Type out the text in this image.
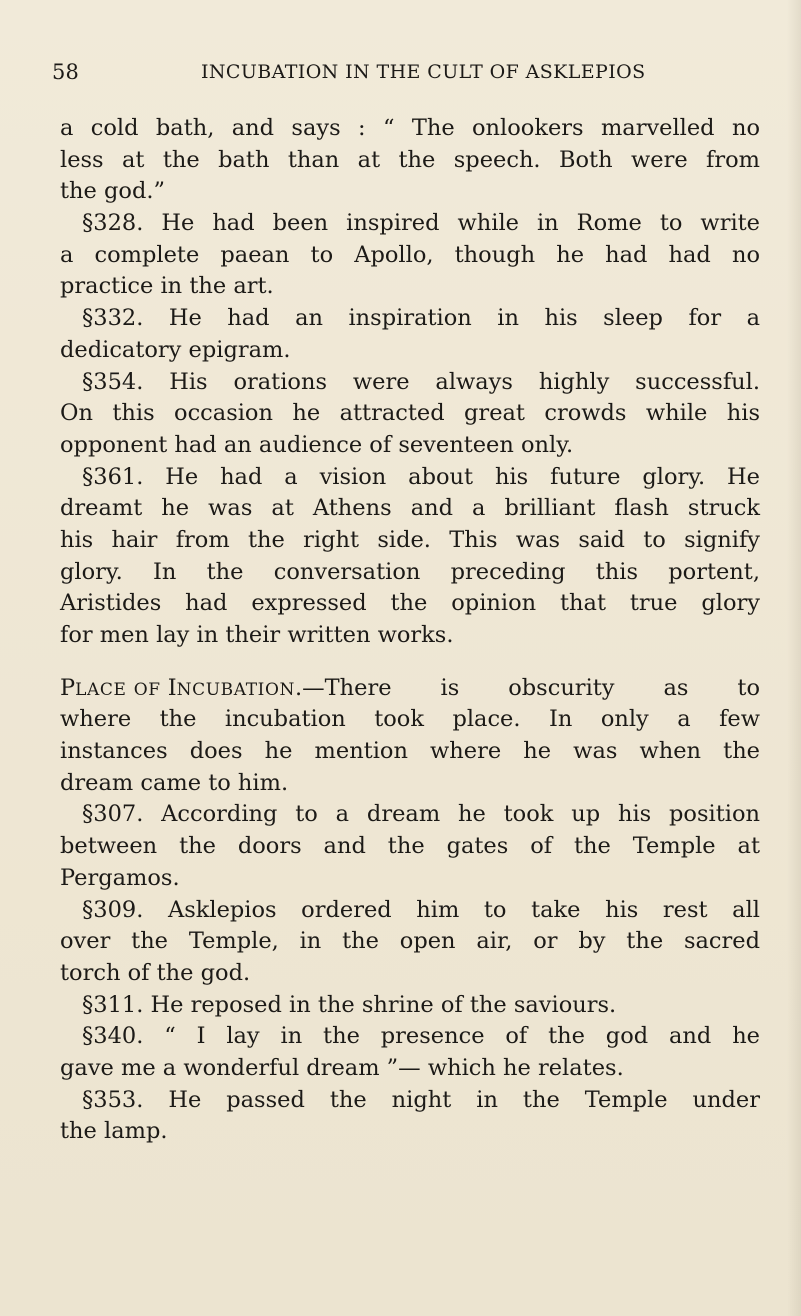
58	INCUBATION IN THE CULT OF ASKLEPIOS
a cold bath, and says : “ The onlookers marvelled no
less at the bath than at the speech. Both were from
the god.”
§328. He had been inspired while in Rome to write
a complete paean to Apollo, though he had had no
practice in the art.
§332. He had an inspiration in his sleep for a
dedicatory epigram.
§354. His orations were always highly successful.
On this occasion he attracted great crowds while his
opponent had an audience of seventeen only.
§361. He had a vision about his future glory. He
dreamt he was at Athens and a brilliant flash struck
his hair from the right side. This was said to signify
glory. In the conversation preceding this portent,
Aristides had expressed the opinion that true glory
for men lay in their written works.
PLACE OF INCUBATION. —There is obscurity as to
where the incubation took place. In only a few
instances does he mention where he was when the
dream came to him.
§307. According to a dream he took up his position
between the doors and the gates of the Temple at
Pergamos.
§309. Asklepios ordered him to take his rest all
over the Temple, in the open air, or by the sacred
torch of the god.
§311. He reposed in the shrine of the saviours.
§340. “ I lay in the presence of the god and he
gave me a wonderful dream ”— which he relates.
§353. He passed the night in the Temple under
the lamp.
